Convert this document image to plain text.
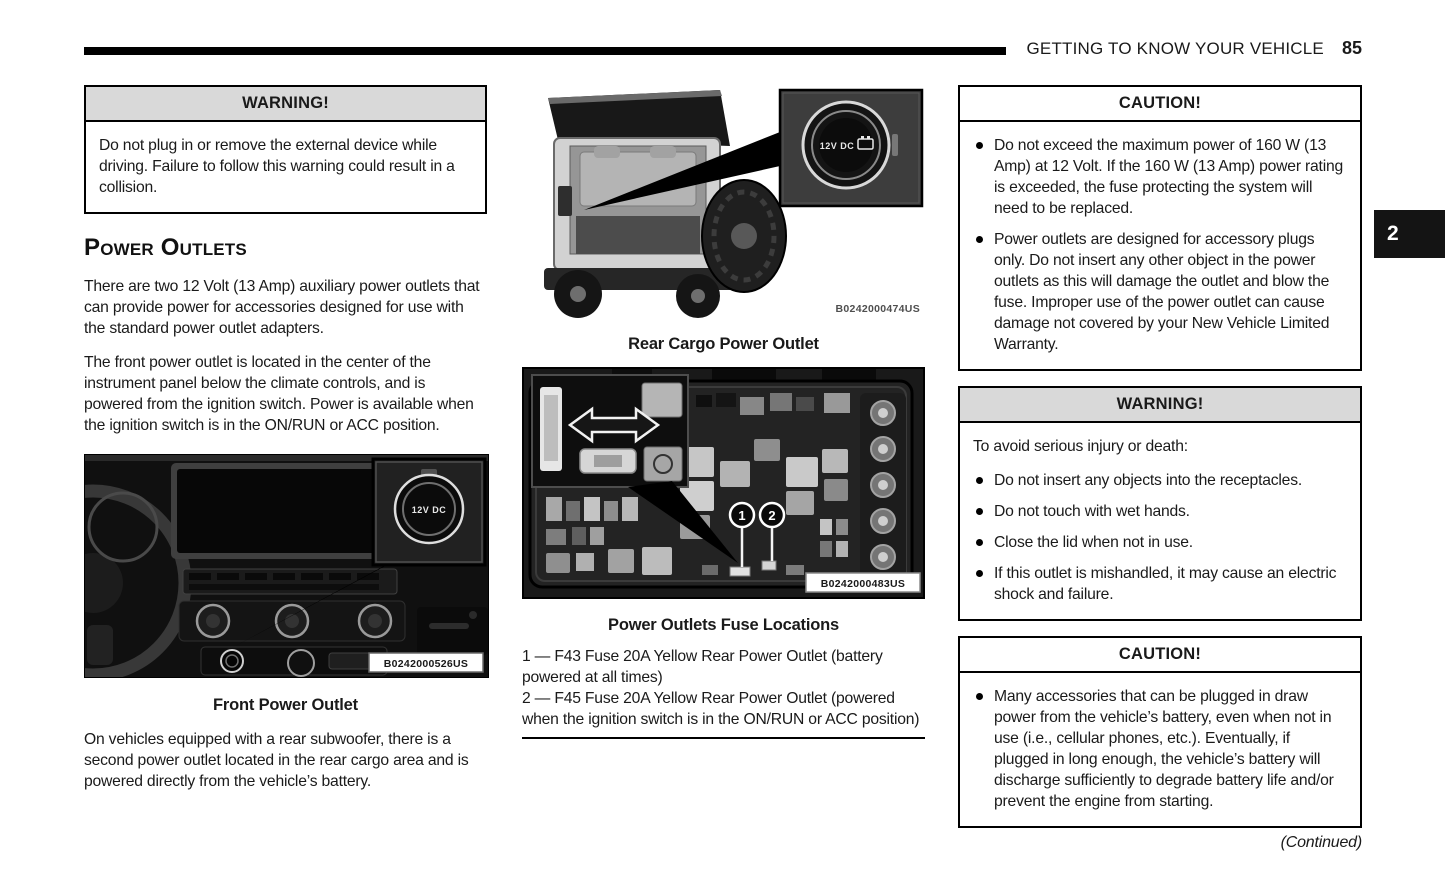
GETTING TO KNOW YOUR VEHICLE 85
2
WARNING!
Do not plug in or remove the external device while driving. Failure to follow this warning could result in a collision.
Power Outlets

There are two 12 Volt (13 Amp) auxiliary power outlets that can provide power for accessories designed for use with the standard power outlet adapters.

The front power outlet is located in the center of the instrument panel below the climate controls, and is powered from the ignition switch. Power is available when the ignition switch is in the ON/RUN or ACC position.

12V DC
B0242000526US
Front Power Outlet

On vehicles equipped with a rear subwoofer, there is a second power outlet located in the rear cargo area and is powered directly from the vehicle’s battery.

12V DC
B0242000474US
Rear Cargo Power Outlet
1 2
B0242000483US
Power Outlets Fuse Locations
1 — F43 Fuse 20A Yellow Rear Power Outlet (battery powered at all times)
2 — F45 Fuse 20A Yellow Rear Power Outlet (powered when the ignition switch is in the ON/RUN or ACC position)
CAUTION!
Do not exceed the maximum power of 160 W (13 Amp) at 12 Volt. If the 160 W (13 Amp) power rating is exceeded, the fuse protecting the system will need to be replaced.
Power outlets are designed for accessory plugs only. Do not insert any other object in the power outlets as this will damage the outlet and blow the fuse. Improper use of the power outlet can cause damage not covered by your New Vehicle Limited Warranty.
WARNING!

To avoid serious injury or death:

Do not insert any objects into the receptacles.
Do not touch with wet hands.
Close the lid when not in use.
If this outlet is mishandled, it may cause an electric shock and failure.
CAUTION!
Many accessories that can be plugged in draw power from the vehicle’s battery, even when not in use (i.e., cellular phones, etc.). Eventually, if plugged in long enough, the vehicle’s battery will discharge sufficiently to degrade battery life and/or prevent the engine from starting.
(Continued)
